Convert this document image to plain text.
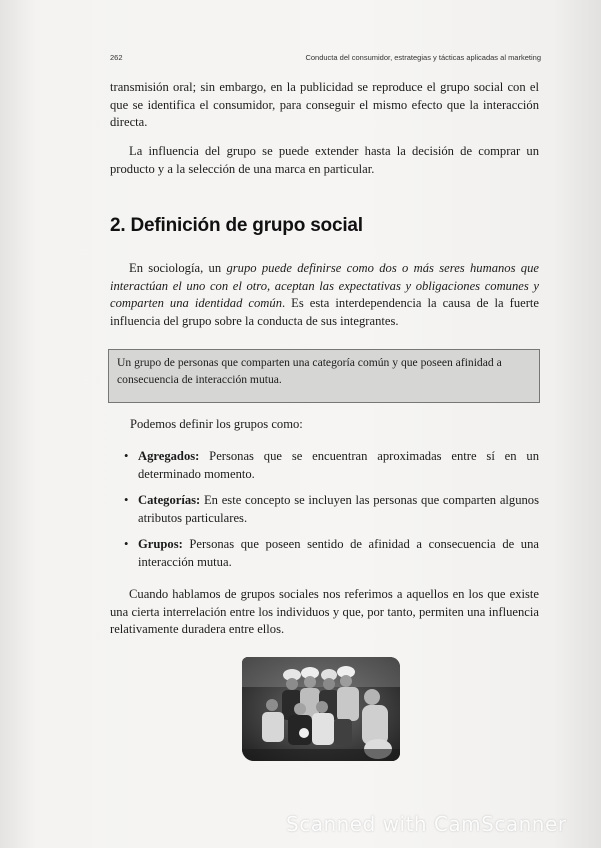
262	Conducta del consumidor, estrategias y tácticas aplicadas al marketing

transmisión oral; sin embargo, en la publicidad se reproduce el grupo social con el que se identifica el consumidor, para conseguir el mismo efecto que la interacción directa.

La influencia del grupo se puede extender hasta la decisión de comprar un producto y a la selección de una marca en particular.

2. Definición de grupo social

En sociología, un grupo puede definirse como dos o más seres humanos que interactúan el uno con el otro, aceptan las expectativas y obligaciones comunes y comparten una identidad común. Es esta interdependencia la causa de la fuerte influencia del grupo sobre la conducta de sus integrantes.

Un grupo de personas que comparten una categoría común y que poseen afinidad a consecuencia de interacción mutua.

Podemos definir los grupos como:

• Agregados: Personas que se encuentran aproximadas entre sí en un determinado momento.
• Categorías: En este concepto se incluyen las personas que comparten algunos atributos particulares.
• Grupos: Personas que poseen sentido de afinidad a consecuencia de una interacción mutua.

Cuando hablamos de grupos sociales nos referimos a aquellos en los que existe una cierta interrelación entre los individuos y que, por tanto, permiten una influencia relativamente duradera entre ellos.

Scanned with CamScanner
